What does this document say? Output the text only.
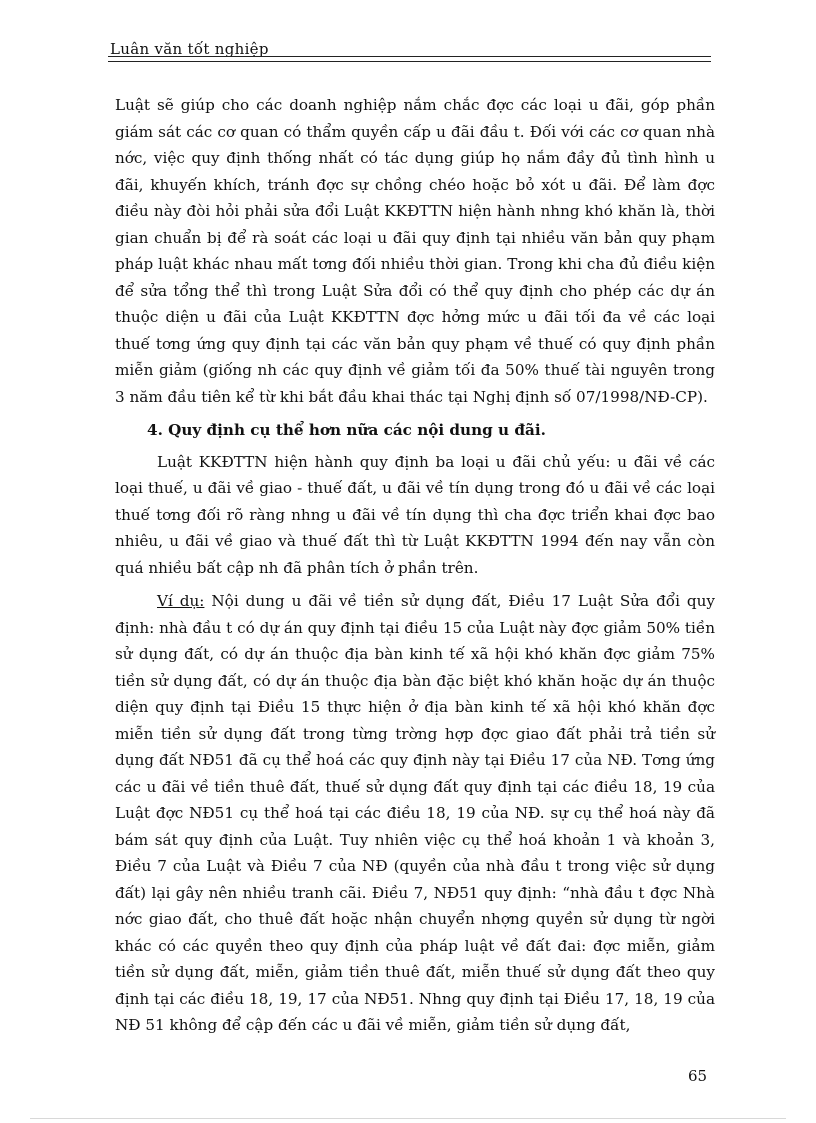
Luân văn tốt nghiệp

Luật sẽ giúp cho các doanh nghiệp nắm chắc đợc các loại u đãi, góp phần giám sát các cơ quan có thẩm quyền cấp u đãi đầu t. Đối với các cơ quan nhà nớc, việc quy định thống nhất có tác dụng giúp họ nắm đầy đủ tình hình u đãi, khuyến khích, tránh đợc sự chồng chéo hoặc bỏ xót u đãi. Để làm đợc điều này đòi hỏi phải sửa đổi Luật KKĐTTN hiện hành nhng khó khăn là, thời gian chuẩn bị để rà soát các loại u đãi quy định tại nhiều văn bản quy phạm pháp luật khác nhau mất tơng đối nhiều thời gian. Trong khi cha đủ điều kiện để sửa tổng thể thì trong Luật Sửa đổi có thể quy định cho phép các dự án thuộc diện u đãi của Luật KKĐTTN đợc hởng mức u đãi tối đa về các loại thuế tơng ứng quy định tại các văn bản quy phạm về thuế có quy định phần miễn giảm (giống nh các quy định về giảm tối đa 50% thuế tài nguyên trong 3 năm đầu tiên kể từ khi bắt đầu khai thác tại Nghị định số 07/1998/NĐ-CP).

4. Quy định cụ thể hơn nữa các nội dung u đãi.

Luật KKĐTTN hiện hành quy định ba loại u đãi chủ yếu: u đãi về các loại thuế, u đãi về giao - thuế đất, u đãi về tín dụng trong đó u đãi về các loại thuế tơng đối rõ ràng nhng u đãi về tín dụng thì cha đợc triển khai đợc bao nhiêu, u đãi về giao và thuế đất thì từ Luật KKĐTTN 1994 đến nay vẫn còn quá nhiều bất cập nh đã phân tích ở phần trên.

Ví dụ: Nội dung u đãi về tiền sử dụng đất, Điều 17 Luật Sửa đổi quy định: nhà đầu t có dự án quy định tại điều 15 của Luật này đợc giảm 50% tiền sử dụng đất, có dự án thuộc địa bàn kinh tế xã hội khó khăn đợc giảm 75% tiền sử dụng đất, có dự án thuộc địa bàn đặc biệt khó khăn hoặc dự án thuộc diện quy định tại Điều 15 thực hiện ở địa bàn kinh tế xã hội khó khăn đợc miễn tiền sử dụng đất trong từng trờng hợp đợc giao đất phải trả tiền sử dụng đất NĐ51 đã cụ thể hoá các quy định này tại Điều 17 của NĐ. Tơng ứng các u đãi về tiền thuê đất, thuế sử dụng đất quy định tại các điều 18, 19 của Luật đợc NĐ51 cụ thể hoá tại các điều 18, 19 của NĐ. sự cụ thể hoá này đã bám sát quy định của Luật. Tuy nhiên việc cụ thể hoá khoản 1 và khoản 3, Điều 7 của Luật và Điều 7 của NĐ (quyền của nhà đầu t trong việc sử dụng đất) lại gây nên nhiều tranh cãi. Điều 7, NĐ51 quy định: “nhà đầu t đợc Nhà nớc giao đất, cho thuê đất hoặc nhận chuyển nhợng quyền sử dụng từ ngời khác có các quyền theo quy định của pháp luật về đất đai: đợc miễn, giảm tiền sử dụng đất, miễn, giảm tiền thuê đất, miễn thuế sử dụng đất theo quy định tại các điều 18, 19, 17 của NĐ51. Nhng quy định tại Điều 17, 18, 19 của NĐ 51 không để cập đến các u đãi về miễn, giảm tiền sử dụng đất,

65
